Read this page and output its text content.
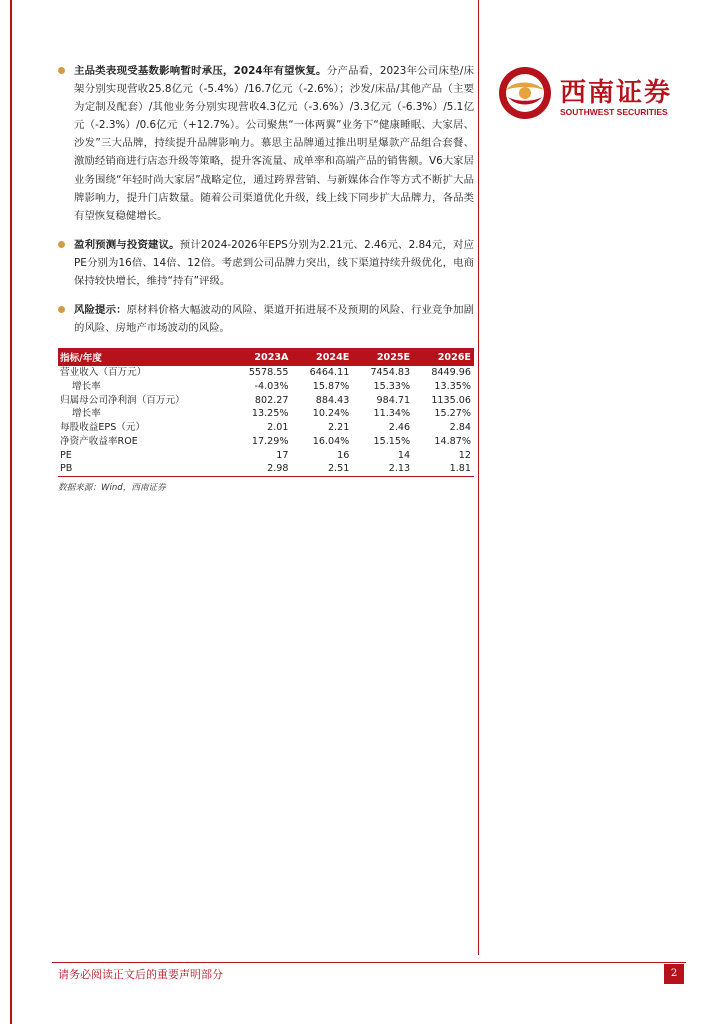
西南证券
SOUTHWEST SECURITIES
主品类表现受基数影响暂时承压，2024年有望恢复。分产品看，2023年公司床垫/床架分别实现营收25.8亿元（-5.4%）/16.7亿元（-2.6%）；沙发/床品/其他产品（主要为定制及配套）/其他业务分别实现营收4.3亿元（-3.6%）/3.3亿元（-6.3%）/5.1亿元（-2.3%）/0.6亿元（+12.7%）。公司聚焦“一体两翼”业务下“健康睡眠、大家居、沙发”三大品牌，持续提升品牌影响力。慕思主品牌通过推出明星爆款产品组合套餐、激励经销商进行店态升级等策略，提升客流量、成单率和高端产品的销售额。V6大家居业务围绕“年轻时尚大家居”战略定位，通过跨界营销、与新媒体合作等方式不断扩大品牌影响力，提升门店数量。随着公司渠道优化升级，线上线下同步扩大品牌力，各品类有望恢复稳健增长。
盈利预测与投资建议。预计2024-2026年EPS分别为2.21元、2.46元、2.84元，对应PE分别为16倍、14倍、12倍。考虑到公司品牌力突出，线下渠道持续升级优化，电商保持较快增长，维持“持有”评级。
风险提示：原材料价格大幅波动的风险、渠道开拓进展不及预期的风险、行业竞争加剧的风险、房地产市场波动的风险。
指标/年度	2023A	2024E	2025E	2026E
营业收入（百万元）	5578.55	6464.11	7454.83	8449.96
增长率	-4.03%	15.87%	15.33%	13.35%
归属母公司净利润（百万元）	802.27	884.43	984.71	1135.06
增长率	13.25%	10.24%	11.34%	15.27%
每股收益EPS（元）	2.01	2.21	2.46	2.84
净资产收益率ROE	17.29%	16.04%	15.15%	14.87%
PE	17	16	14	12
PB	2.98	2.51	2.13	1.81
数据来源：Wind，西南证券
请务必阅读正文后的重要声明部分	2
